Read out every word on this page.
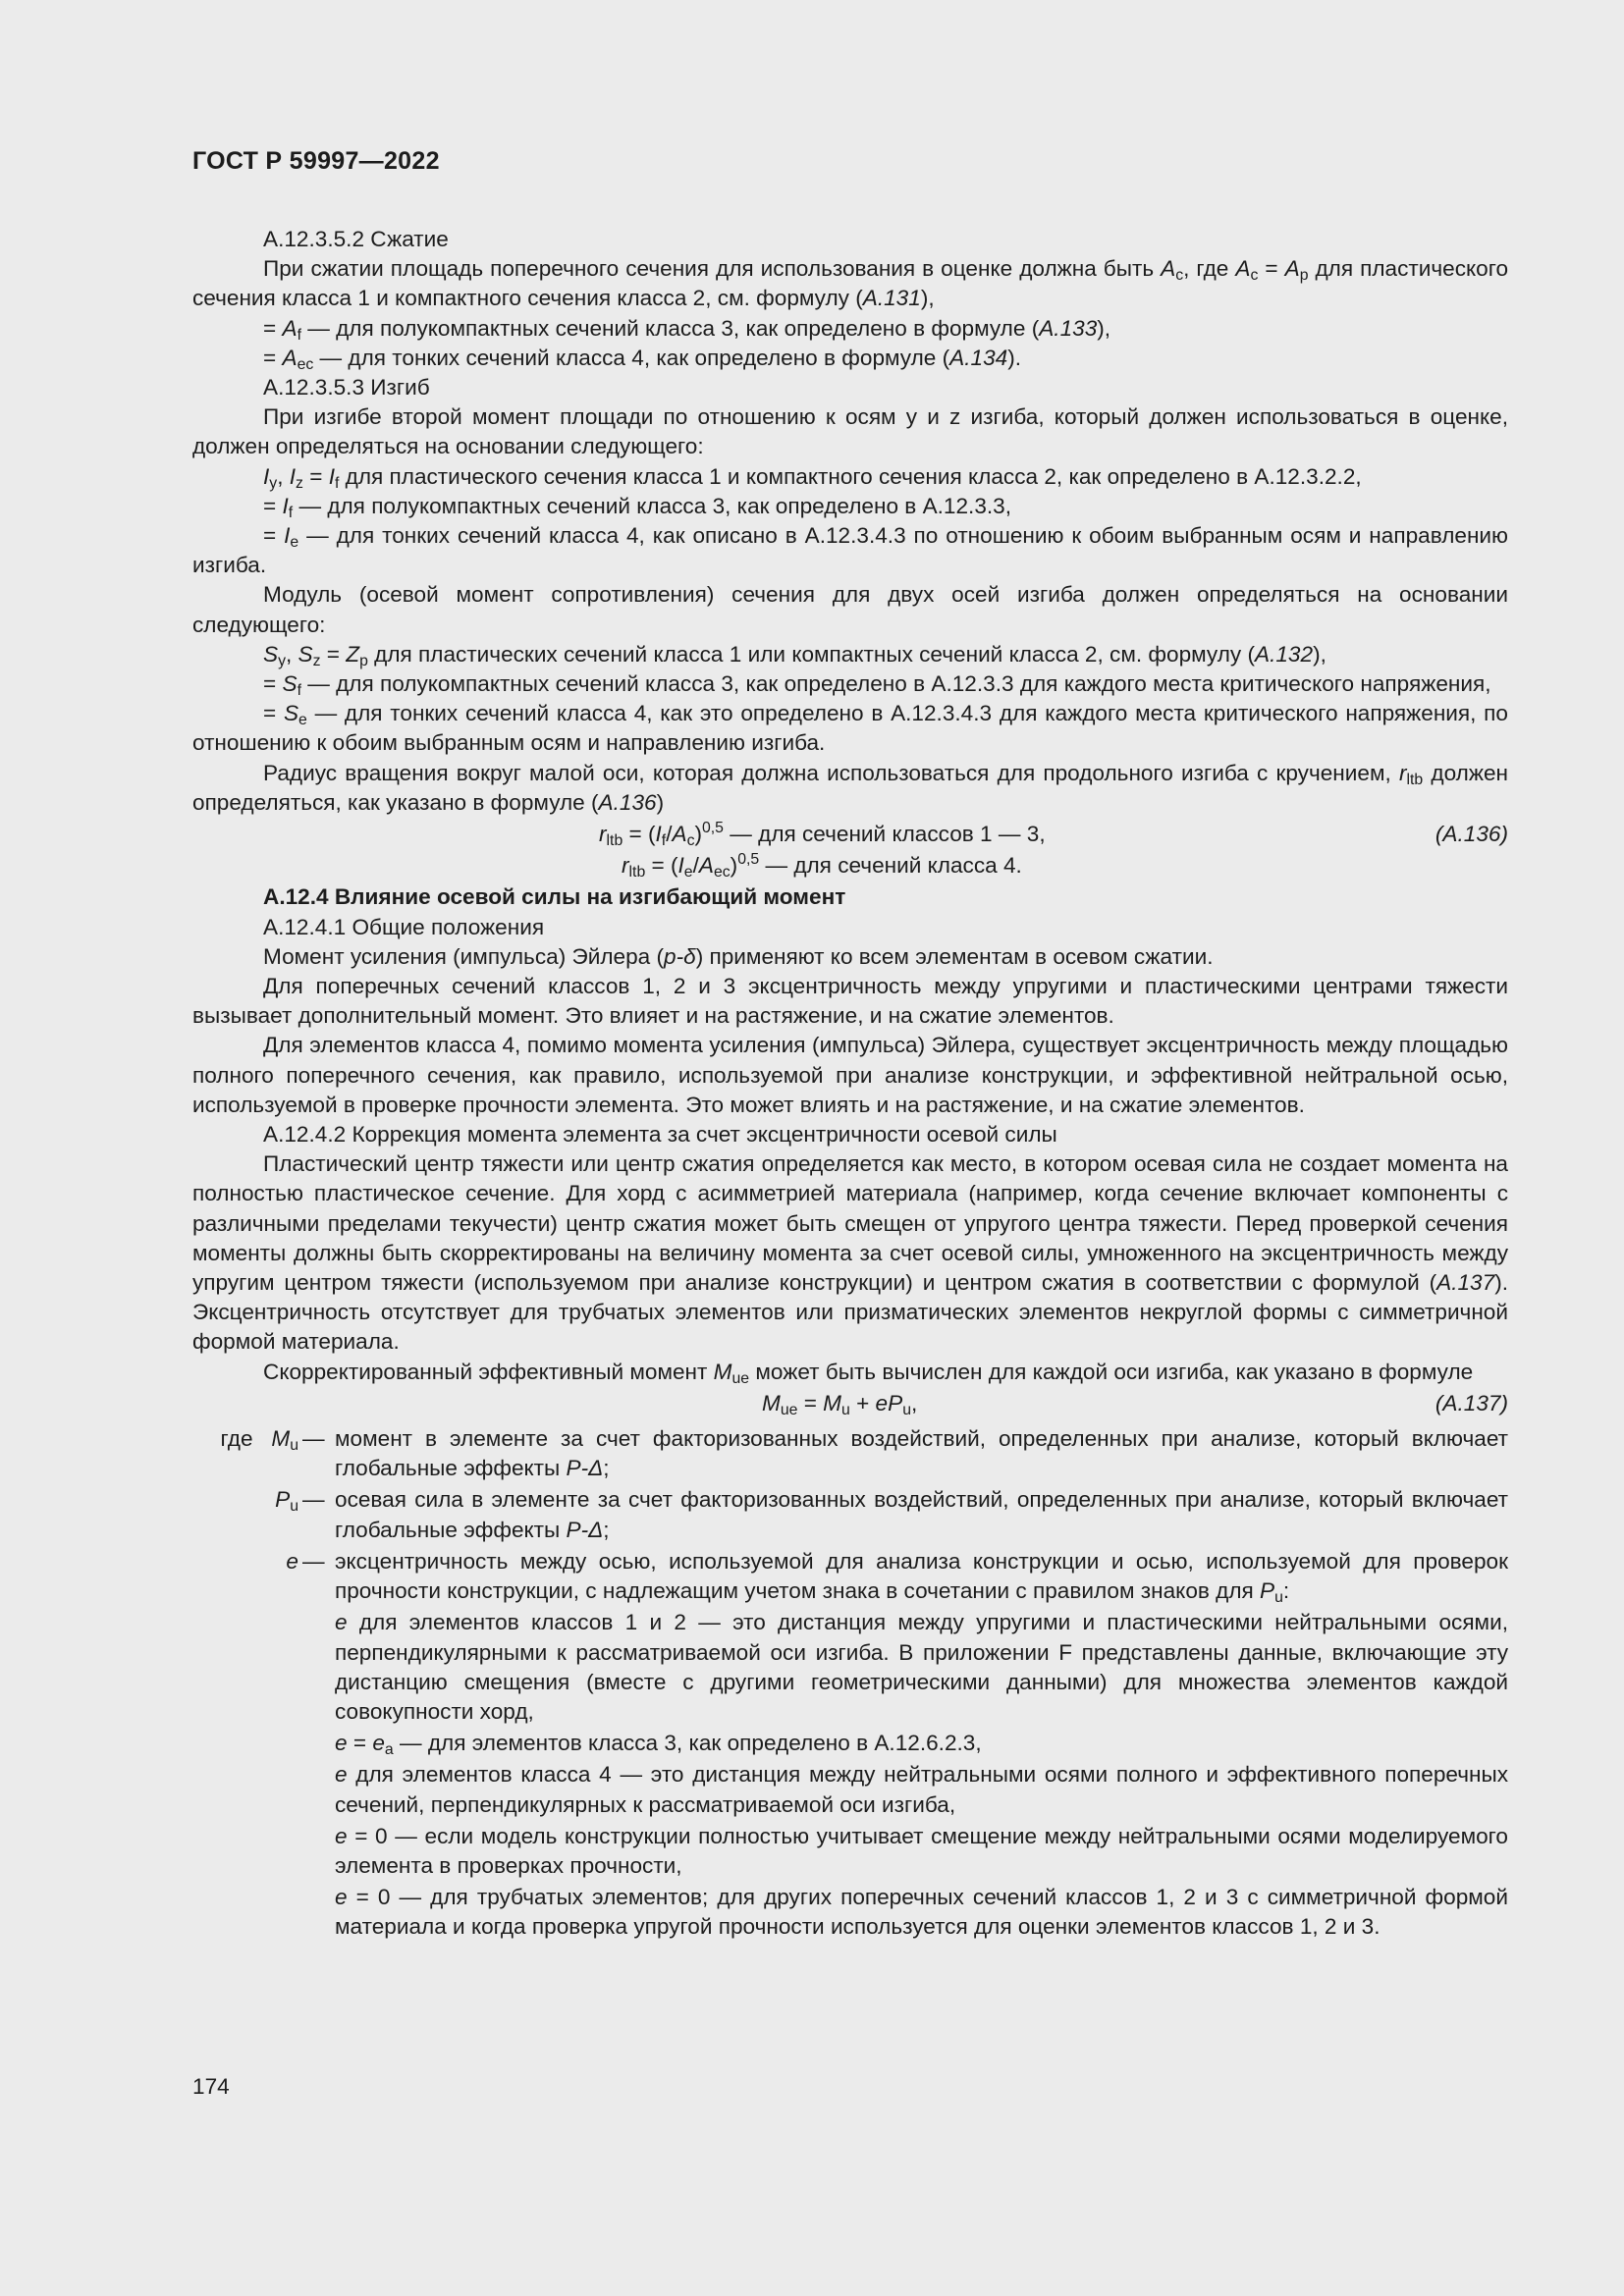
ГОСТ Р 59997—2022

А.12.3.5.2 Сжатие

При сжатии площадь поперечного сечения для использования в оценке должна быть $A_c$, где $A_c = A_p$ для пластического сечения класса 1 и компактного сечения класса 2, см. формулу (A.131),

= $A_f$ — для полукомпактных сечений класса 3, как определено в формуле (A.133),

= $A_{ec}$ — для тонких сечений класса 4, как определено в формуле (A.134).

А.12.3.5.3 Изгиб

При изгибе второй момент площади по отношению к осям y и z изгиба, который должен использоваться в оценке, должен определяться на основании следующего:

$I_y$, $I_z = I_f$ для пластического сечения класса 1 и компактного сечения класса 2, как определено в А.12.3.2.2,

= $I_f$ — для полукомпактных сечений класса 3, как определено в А.12.3.3,

= $I_e$ — для тонких сечений класса 4, как описано в А.12.3.4.3 по отношению к обоим выбранным осям и направлению изгиба.

Модуль (осевой момент сопротивления) сечения для двух осей изгиба должен определяться на основании следующего:

$S_y$, $S_z = Z_p$ для пластических сечений класса 1 или компактных сечений класса 2, см. формулу (A.132),

= $S_f$ — для полукомпактных сечений класса 3, как определено в А.12.3.3 для каждого места критического напряжения,

= $S_e$ — для тонких сечений класса 4, как это определено в А.12.3.4.3 для каждого места критического напряжения, по отношению к обоим выбранным осям и направлению изгиба.

Радиус вращения вокруг малой оси, которая должна использоваться для продольного изгиба с кручением, $r_{ltb}$ должен определяться, как указано в формуле (A.136)

$r_{ltb} = (I_f/A_c)^{0,5}$ — для сечений классов 1 — 3,	(A.136)
$r_{ltb} = (I_e/A_{ec})^{0,5}$ — для сечений класса 4.

А.12.4 Влияние осевой силы на изгибающий момент

А.12.4.1 Общие положения

Момент усиления (импульса) Эйлера (p-δ) применяют ко всем элементам в осевом сжатии.

Для поперечных сечений классов 1, 2 и 3 эксцентричность между упругими и пластическими центрами тяжести вызывает дополнительный момент. Это влияет и на растяжение, и на сжатие элементов.

Для элементов класса 4, помимо момента усиления (импульса) Эйлера, существует эксцентричность между площадью полного поперечного сечения, как правило, используемой при анализе конструкции, и эффективной нейтральной осью, используемой в проверке прочности элемента. Это может влиять и на растяжение, и на сжатие элементов.

А.12.4.2 Коррекция момента элемента за счет эксцентричности осевой силы

Пластический центр тяжести или центр сжатия определяется как место, в котором осевая сила не создает момента на полностью пластическое сечение. Для хорд с асимметрией материала (например, когда сечение включает компоненты с различными пределами текучести) центр сжатия может быть смещен от упругого центра тяжести. Перед проверкой сечения моменты должны быть скорректированы на величину момента за счет осевой силы, умноженного на эксцентричность между упругим центром тяжести (используемом при анализе конструкции) и центром сжатия в соответствии с формулой (A.137). Эксцентричность отсутствует для трубчатых элементов или призматических элементов некруглой формы с симметричной формой материала.

Скорректированный эффективный момент $M_{ue}$ может быть вычислен для каждой оси изгиба, как указано в формуле

$M_{ue} = M_u + eP_u$,	(A.137)
где $M_u$ — момент в элементе за счет факторизованных воздействий, определенных при анализе, который включает глобальные эффекты P-Δ;
$P_u$ — осевая сила в элементе за счет факторизованных воздействий, определенных при анализе, который включает глобальные эффекты P-Δ;
e — эксцентричность между осью, используемой для анализа конструкции и осью, используемой для проверок прочности конструкции, с надлежащим учетом знака в сочетании с правилом знаков для $P_u$:
e для элементов классов 1 и 2 — это дистанция между упругими и пластическими нейтральными осями, перпендикулярными к рассматриваемой оси изгиба. В приложении F представлены данные, включающие эту дистанцию смещения (вместе с другими геометрическими данными) для множества элементов каждой совокупности хорд,
$e = e_a$ — для элементов класса 3, как определено в А.12.6.2.3,
e для элементов класса 4 — это дистанция между нейтральными осями полного и эффективного поперечных сечений, перпендикулярных к рассматриваемой оси изгиба,
e = 0 — если модель конструкции полностью учитывает смещение между нейтральными осями моделируемого элемента в проверках прочности,
e = 0 — для трубчатых элементов; для других поперечных сечений классов 1, 2 и 3 с симметричной формой материала и когда проверка упругой прочности используется для оценки элементов классов 1, 2 и 3.
174
